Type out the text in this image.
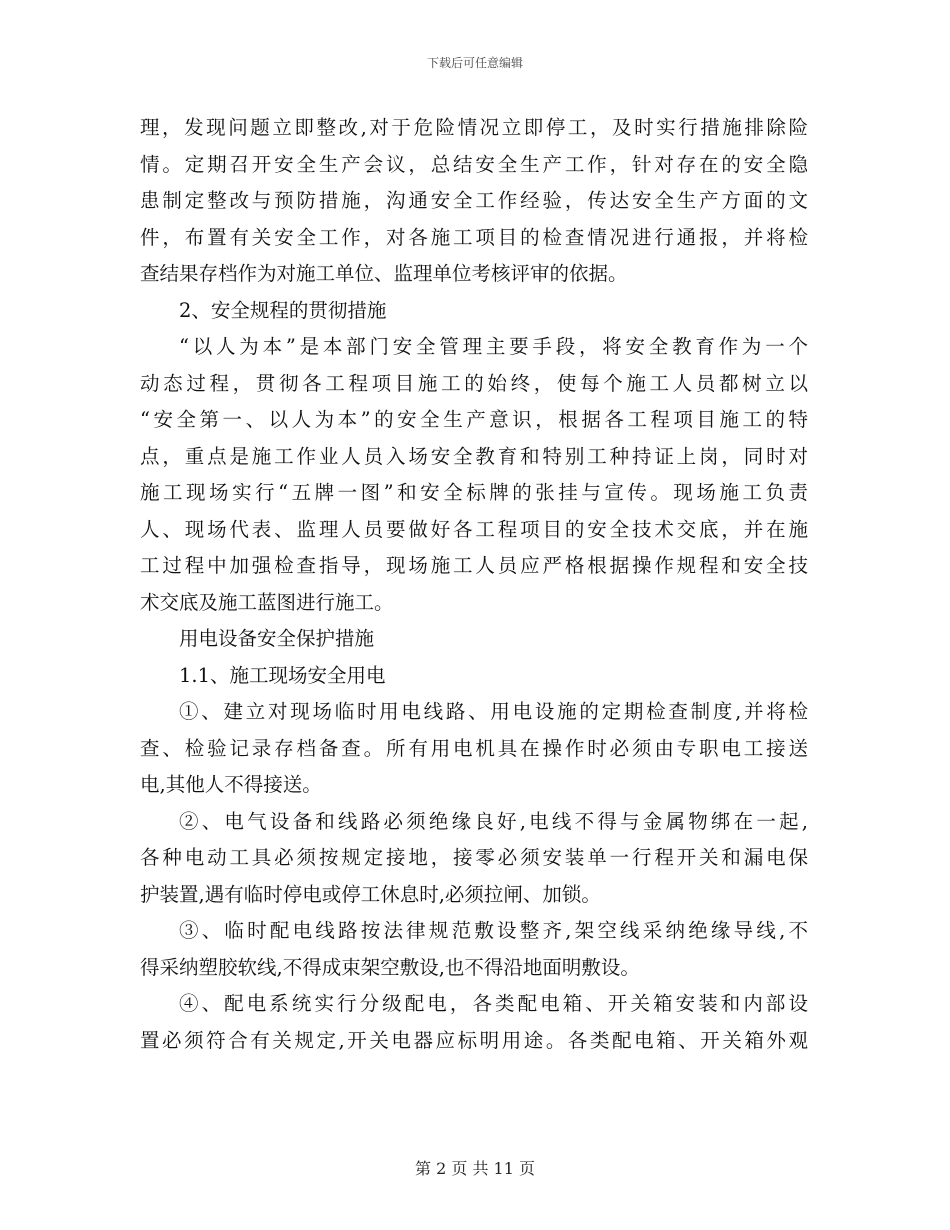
下载后可任意编辑
理，发现问题立即整改,对于危险情况立即停工，及时实行措施排除险
情。定期召开安全生产会议，总结安全生产工作，针对存在的安全隐
患制定整改与预防措施，沟通安全工作经验，传达安全生产方面的文
件，布置有关安全工作，对各施工项目的检查情况进行通报，并将检
查结果存档作为对施工单位、监理单位考核评审的依据。
2、安全规程的贯彻措施
“以人为本”是本部门安全管理主要手段，将安全教育作为一个
动态过程，贯彻各工程项目施工的始终，使每个施工人员都树立以
“安全第一、以人为本”的安全生产意识，根据各工程项目施工的特
点，重点是施工作业人员入场安全教育和特别工种持证上岗，同时对
施工现场实行“五牌一图”和安全标牌的张挂与宣传。现场施工负责
人、现场代表、监理人员要做好各工程项目的安全技术交底，并在施
工过程中加强检查指导，现场施工人员应严格根据操作规程和安全技
术交底及施工蓝图进行施工。
用电设备安全保护措施
1.1、施工现场安全用电
①、建立对现场临时用电线路、用电设施的定期检查制度,并将检
查、检验记录存档备查。所有用电机具在操作时必须由专职电工接送
电,其他人不得接送。
②、电气设备和线路必须绝缘良好,电线不得与金属物绑在一起,
各种电动工具必须按规定接地，接零必须安装单一行程开关和漏电保
护装置,遇有临时停电或停工休息时,必须拉闸、加锁。
③、临时配电线路按法律规范敷设整齐,架空线采纳绝缘导线,不
得采纳塑胶软线,不得成束架空敷设,也不得沿地面明敷设。
④、配电系统实行分级配电，各类配电箱、开关箱安装和内部设
置必须符合有关规定,开关电器应标明用途。各类配电箱、开关箱外观
第 2 页 共 11 页
